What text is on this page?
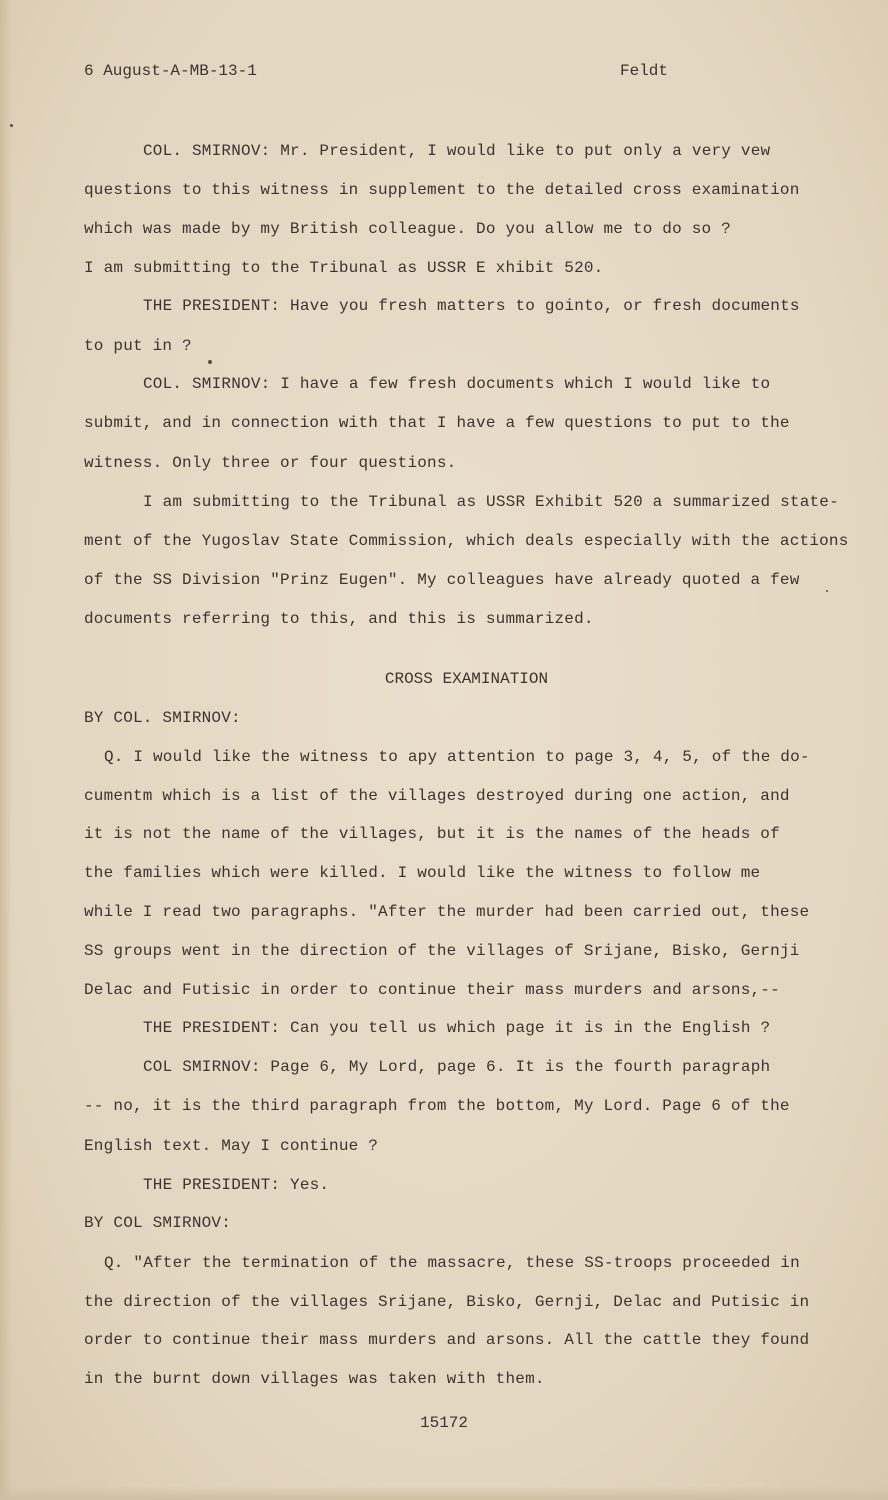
6 August-A-MB-13-1	Feldt
COL. SMIRNOV: Mr. President, I would like to put only a very vew
questions to this witness in supplement to the detailed cross examination
which was made by my British colleague. Do you allow me to do so ?
I am submitting to the Tribunal as USSR E xhibit 520.
THE PRESIDENT: Have you fresh matters to gointo, or fresh documents
to put in ?
COL. SMIRNOV: I have a few fresh documents which I would like to
submit, and in connection with that I have a few questions to put to the
witness. Only three or four questions.
I am submitting to the Tribunal as USSR Exhibit 520 a summarized state-
ment of the Yugoslav State Commission, which deals especially with the actions
of the SS Division "Prinz Eugen". My colleagues have already quoted a few
documents referring to this, and this is summarized.
CROSS EXAMINATION
BY COL. SMIRNOV:
Q. I would like the witness to apy attention to page 3, 4, 5, of the do-
cumentm which is a list of the villages destroyed during one action, and
it is not the name of the villages, but it is the names of the heads of
the families which were killed. I would like the witness to follow me
while I read two paragraphs. "After the murder had been carried out, these
SS groups went in the direction of the villages of Srijane, Bisko, Gernji
Delac and Futisic in order to continue their mass murders and arsons,--
THE PRESIDENT: Can you tell us which page it is in the English ?
COL SMIRNOV: Page 6, My Lord, page 6. It is the fourth paragraph
-- no, it is the third paragraph from the bottom, My Lord. Page 6 of the
English text. May I continue ?
THE PRESIDENT: Yes.
BY COL SMIRNOV:
Q. "After the termination of the massacre, these SS-troops proceeded in
the direction of the villages Srijane, Bisko, Gernji, Delac and Putisic in
order to continue their mass murders and arsons. All the cattle they found
in the burnt down villages was taken with them.
15172
